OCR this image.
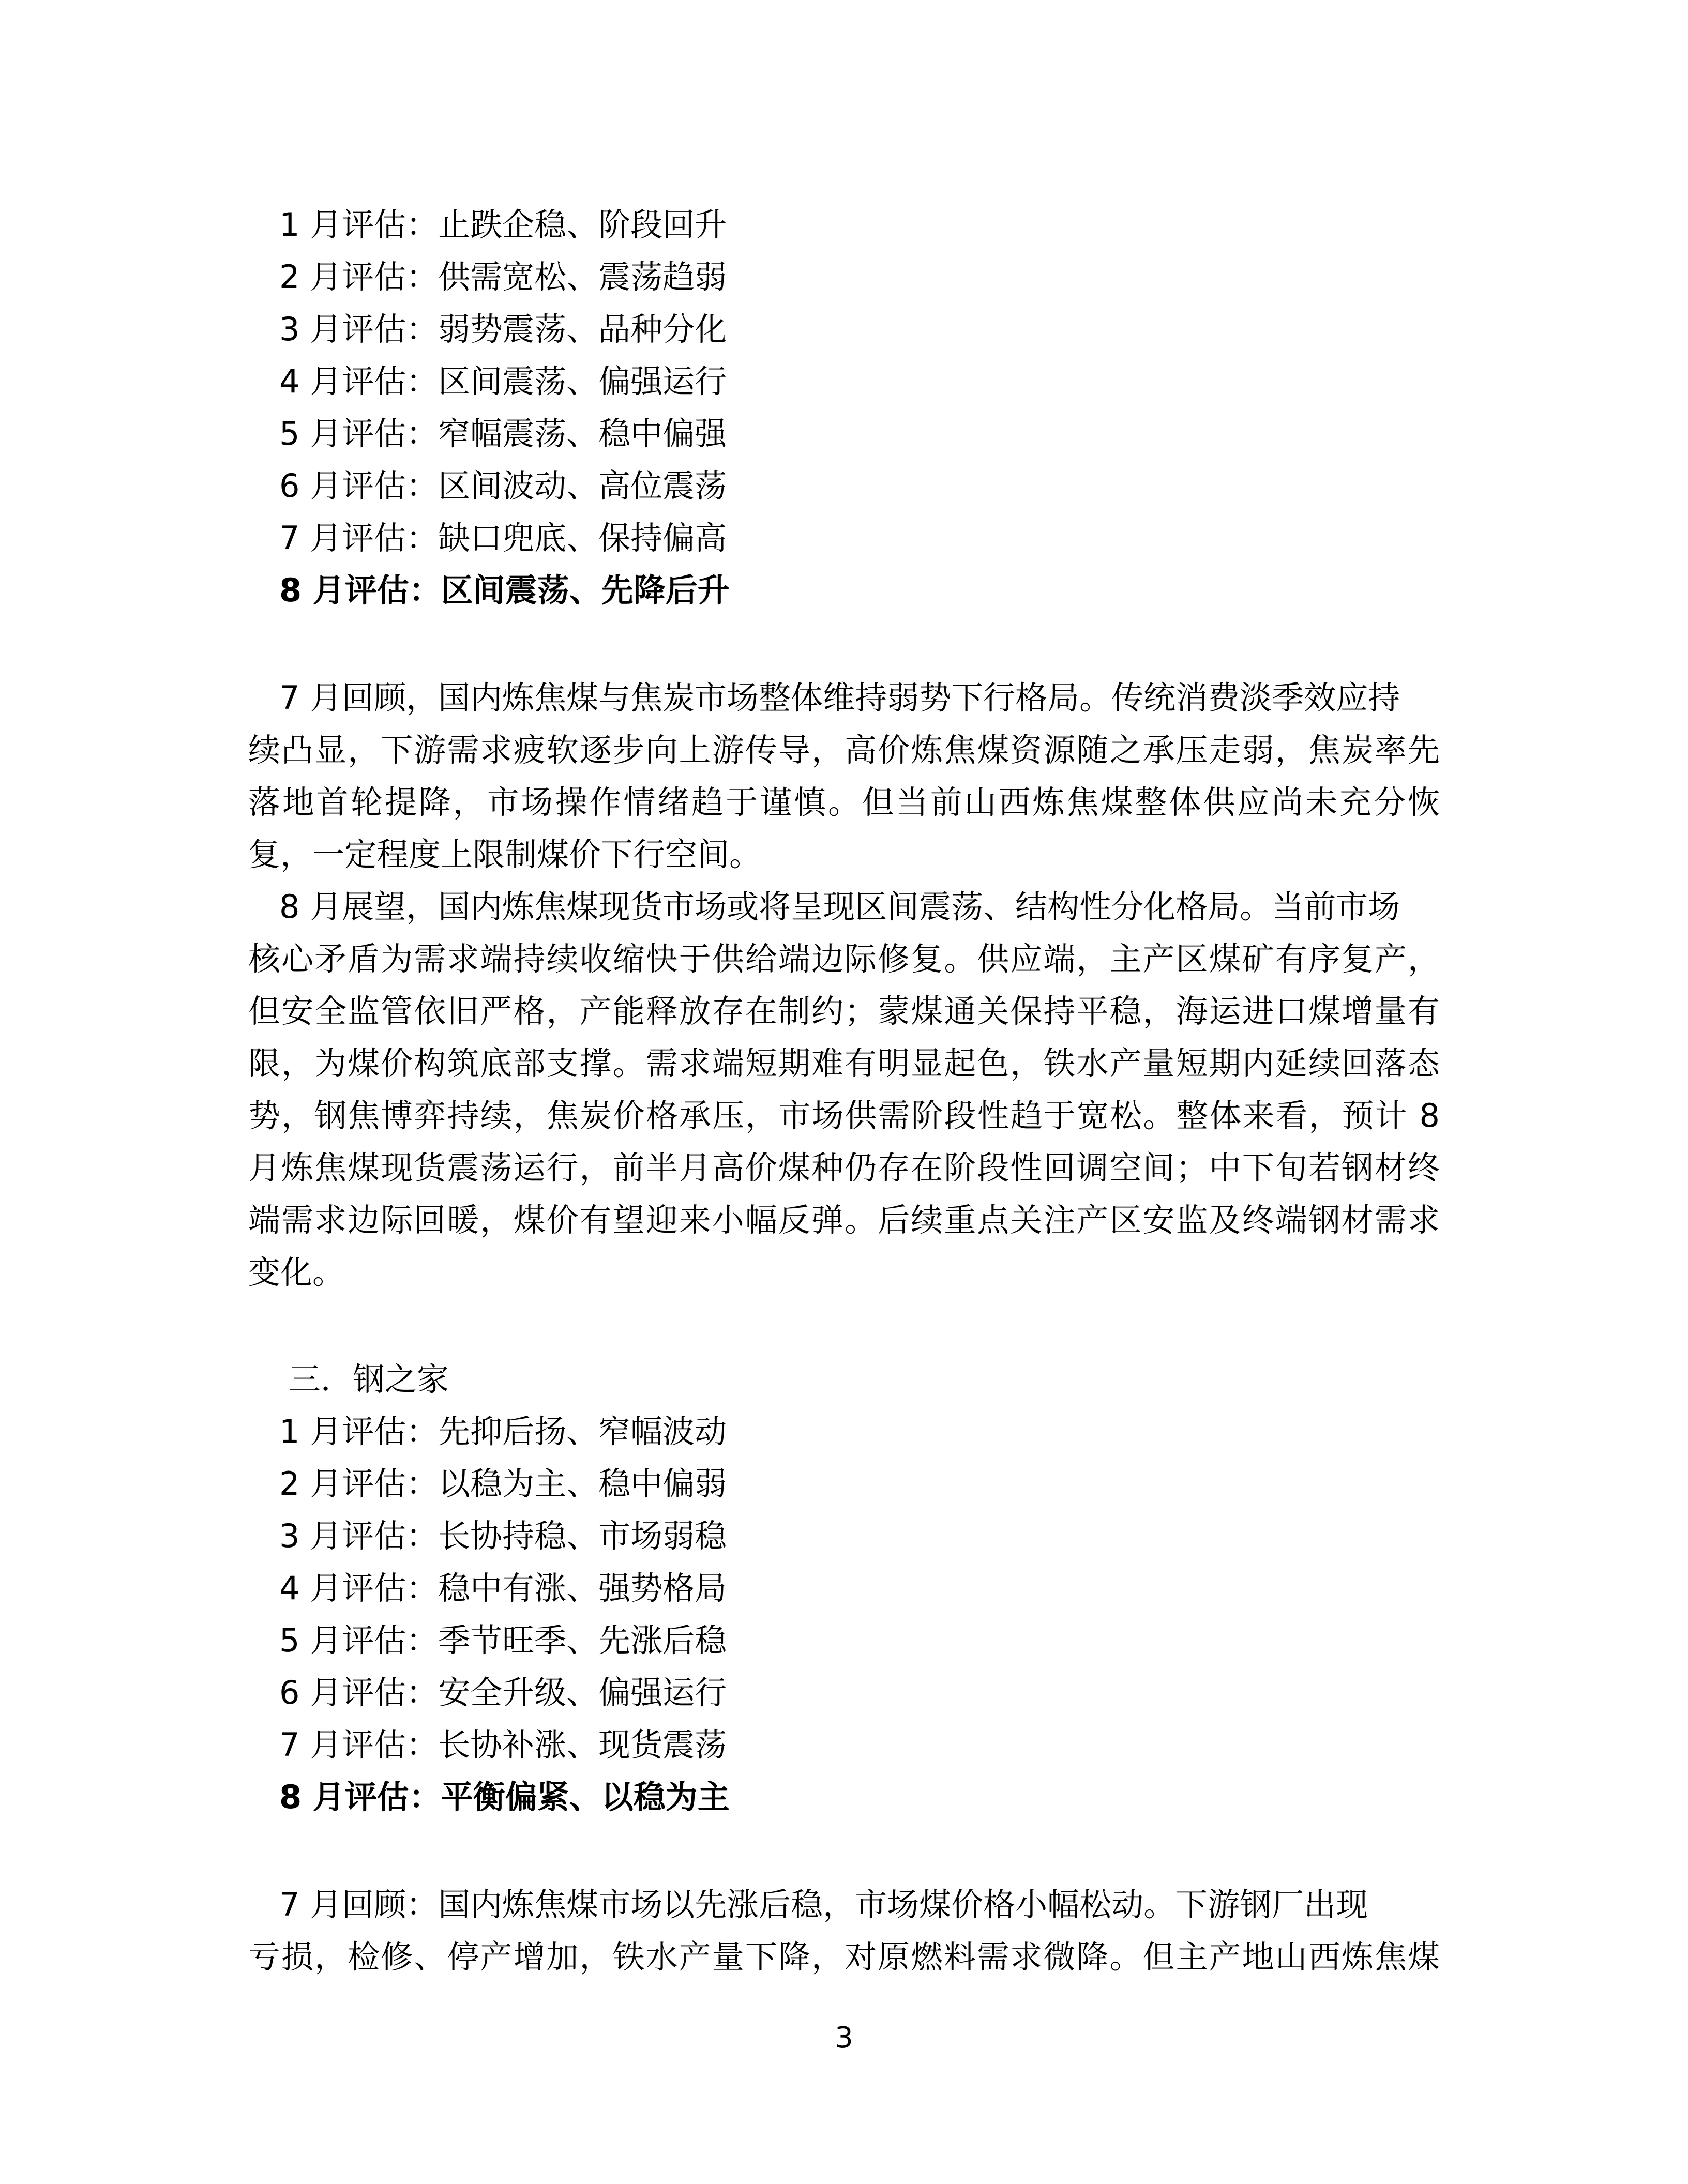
1 月评估：止跌企稳、阶段回升
2 月评估：供需宽松、震荡趋弱
3 月评估：弱势震荡、品种分化
4 月评估：区间震荡、偏强运行
5 月评估：窄幅震荡、稳中偏强
6 月评估：区间波动、高位震荡
7 月评估：缺口兜底、保持偏高
8 月评估：区间震荡、先降后升
7 月回顾，国内炼焦煤与焦炭市场整体维持弱势下行格局。传统消费淡季效应持
续凸显，下游需求疲软逐步向上游传导，高价炼焦煤资源随之承压走弱，焦炭率先
落地首轮提降，市场操作情绪趋于谨慎。但当前山西炼焦煤整体供应尚未充分恢
复，一定程度上限制煤价下行空间。
8 月展望，国内炼焦煤现货市场或将呈现区间震荡、结构性分化格局。当前市场
核心矛盾为需求端持续收缩快于供给端边际修复。供应端，主产区煤矿有序复产，
但安全监管依旧严格，产能释放存在制约；蒙煤通关保持平稳，海运进口煤增量有
限，为煤价构筑底部支撑。需求端短期难有明显起色，铁水产量短期内延续回落态
势，钢焦博弈持续，焦炭价格承压，市场供需阶段性趋于宽松。整体来看，预计 8
月炼焦煤现货震荡运行，前半月高价煤种仍存在阶段性回调空间；中下旬若钢材终
端需求边际回暖，煤价有望迎来小幅反弹。后续重点关注产区安监及终端钢材需求
变化。
三．钢之家
1 月评估：先抑后扬、窄幅波动
2 月评估：以稳为主、稳中偏弱
3 月评估：长协持稳、市场弱稳
4 月评估：稳中有涨、强势格局
5 月评估：季节旺季、先涨后稳
6 月评估：安全升级、偏强运行
7 月评估：长协补涨、现货震荡
8 月评估：平衡偏紧、以稳为主
7 月回顾：国内炼焦煤市场以先涨后稳，市场煤价格小幅松动。下游钢厂出现
亏损，检修、停产增加，铁水产量下降，对原燃料需求微降。但主产地山西炼焦煤
3
